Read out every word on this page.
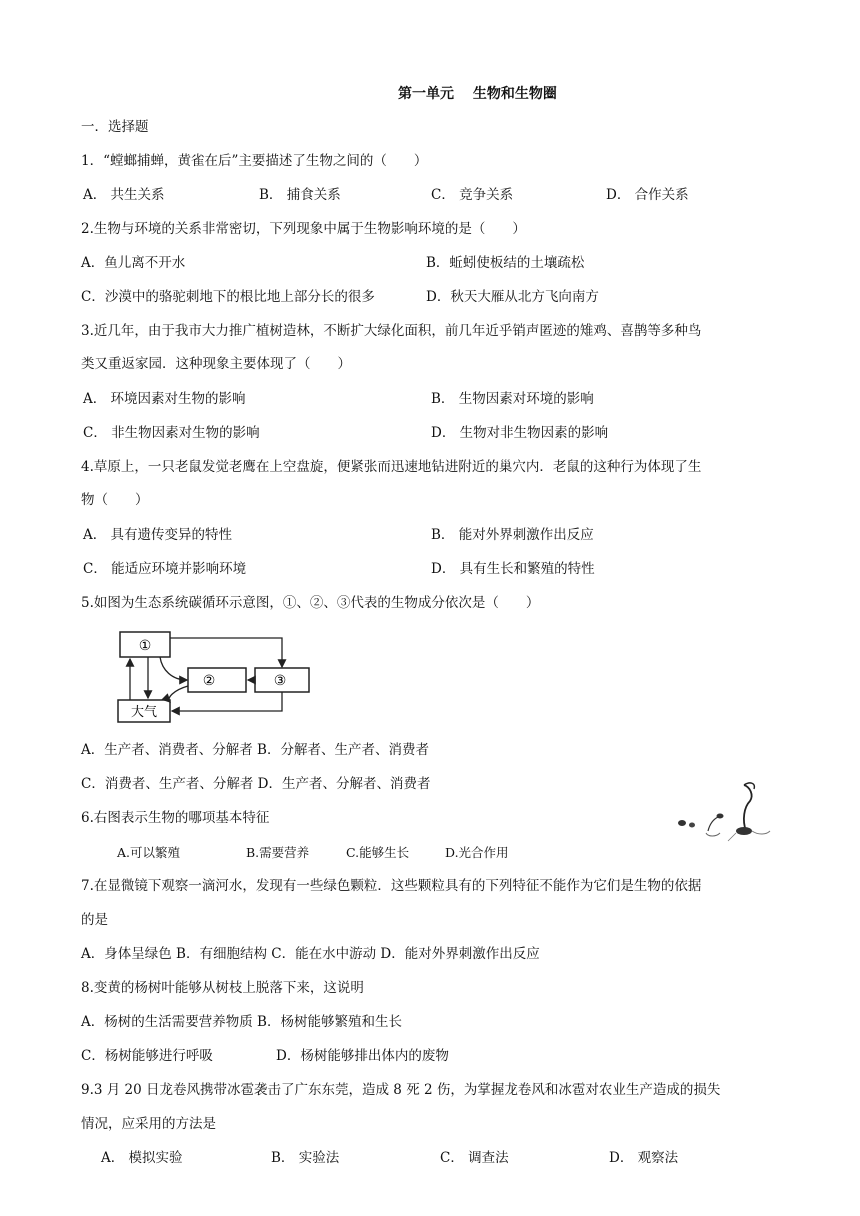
第一单元　 生物和生物圈
一．选择题
1．“螳螂捕蝉，黄雀在后”主要描述了生物之间的（　　）
A． 共生关系	B． 捕食关系	C． 竞争关系	D． 合作关系
2.生物与环境的关系非常密切，下列现象中属于生物影响环境的是（　　）
A．鱼儿离不开水	B．蚯蚓使板结的土壤疏松
C．沙漠中的骆驼刺地下的根比地上部分长的很多	D．秋天大雁从北方飞向南方
3.近几年，由于我市大力推广植树造林，不断扩大绿化面积，前几年近乎销声匿迹的雉鸡、喜鹊等多种鸟
类又重返家园．这种现象主要体现了（　　）
A． 环境因素对生物的影响	B． 生物因素对环境的影响
C． 非生物因素对生物的影响	D． 生物对非生物因素的影响
4.草原上，一只老鼠发觉老鹰在上空盘旋，便紧张而迅速地钻进附近的巢穴内．老鼠的这种行为体现了生
物（　　）
A． 具有遗传变异的特性	B． 能对外界刺激作出反应
C． 能适应环境并影响环境	D． 具有生长和繁殖的特性
5.如图为生态系统碳循环示意图，①、②、③代表的生物成分依次是（　　）
①
②	③
大气
A．生产者、消费者、分解者 B．分解者、生产者、消费者
C．消费者、生产者、分解者 D．生产者、分解者、消费者
6.右图表示生物的哪项基本特征
A.可以繁殖	B.需要营养	C.能够生长	D.光合作用
7.在显微镜下观察一滴河水，发现有一些绿色颗粒．这些颗粒具有的下列特征不能作为它们是生物的依据
的是
A．身体呈绿色 B．有细胞结构 C．能在水中游动 D．能对外界刺激作出反应
8.变黄的杨树叶能够从树枝上脱落下来，这说明
A．杨树的生活需要营养物质 B．杨树能够繁殖和生长
C．杨树能够进行呼吸	D．杨树能够排出体内的废物
9.3 月 20 日龙卷风携带冰雹袭击了广东东莞，造成 8 死 2 伤，为掌握龙卷风和冰雹对农业生产造成的损失
情况，应采用的方法是
A． 模拟实验	B． 实验法	C． 调查法	D． 观察法
